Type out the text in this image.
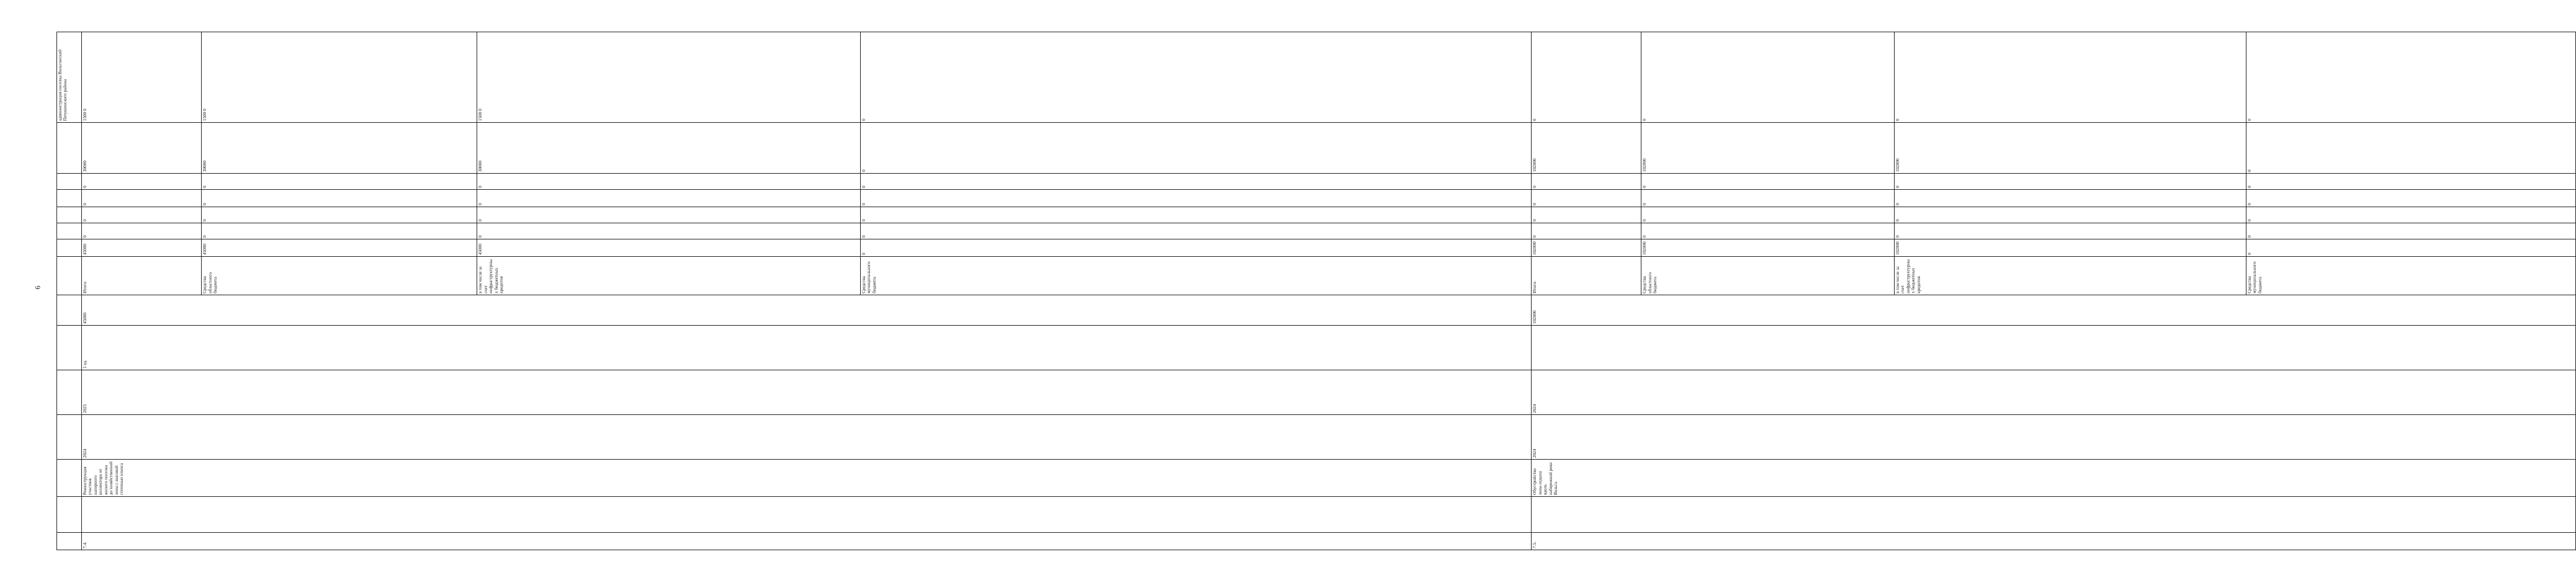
6
														администрация поселка Вольгинский Петушинского района	
7.4.		Реконструкция участков напорного коллектора от жилого поселка до хозяйственной зоны с высокой степенью износа	2024	2025	1 ед.	45000	Итого:	45000	0	0	0	0	30000	1500 0	
							Средства областного бюджета	45000	0	0	0	0	30000	1500 0	
							в том числе за счет инфраструктурных бюджетных кредитов	45000	0	0	0	0	30000	1500 0	
							Средства муниципального бюджета	0	0	0	0	0	0	0	
7.5.		Обустройство зоны отдыха вдоль набережной реки Вольга	2024	2024		102000	Итого:	102000	0	0	0	0	102000	0	
							Средства областного бюджета	102000	0	0	0	0	102000	0	
							в том числе за счет инфраструктурных бюджетных кредитов	102000	0	0	0	0	102000	0	
							Средства муниципального бюджета	0	0	0	0	0	0	0	
